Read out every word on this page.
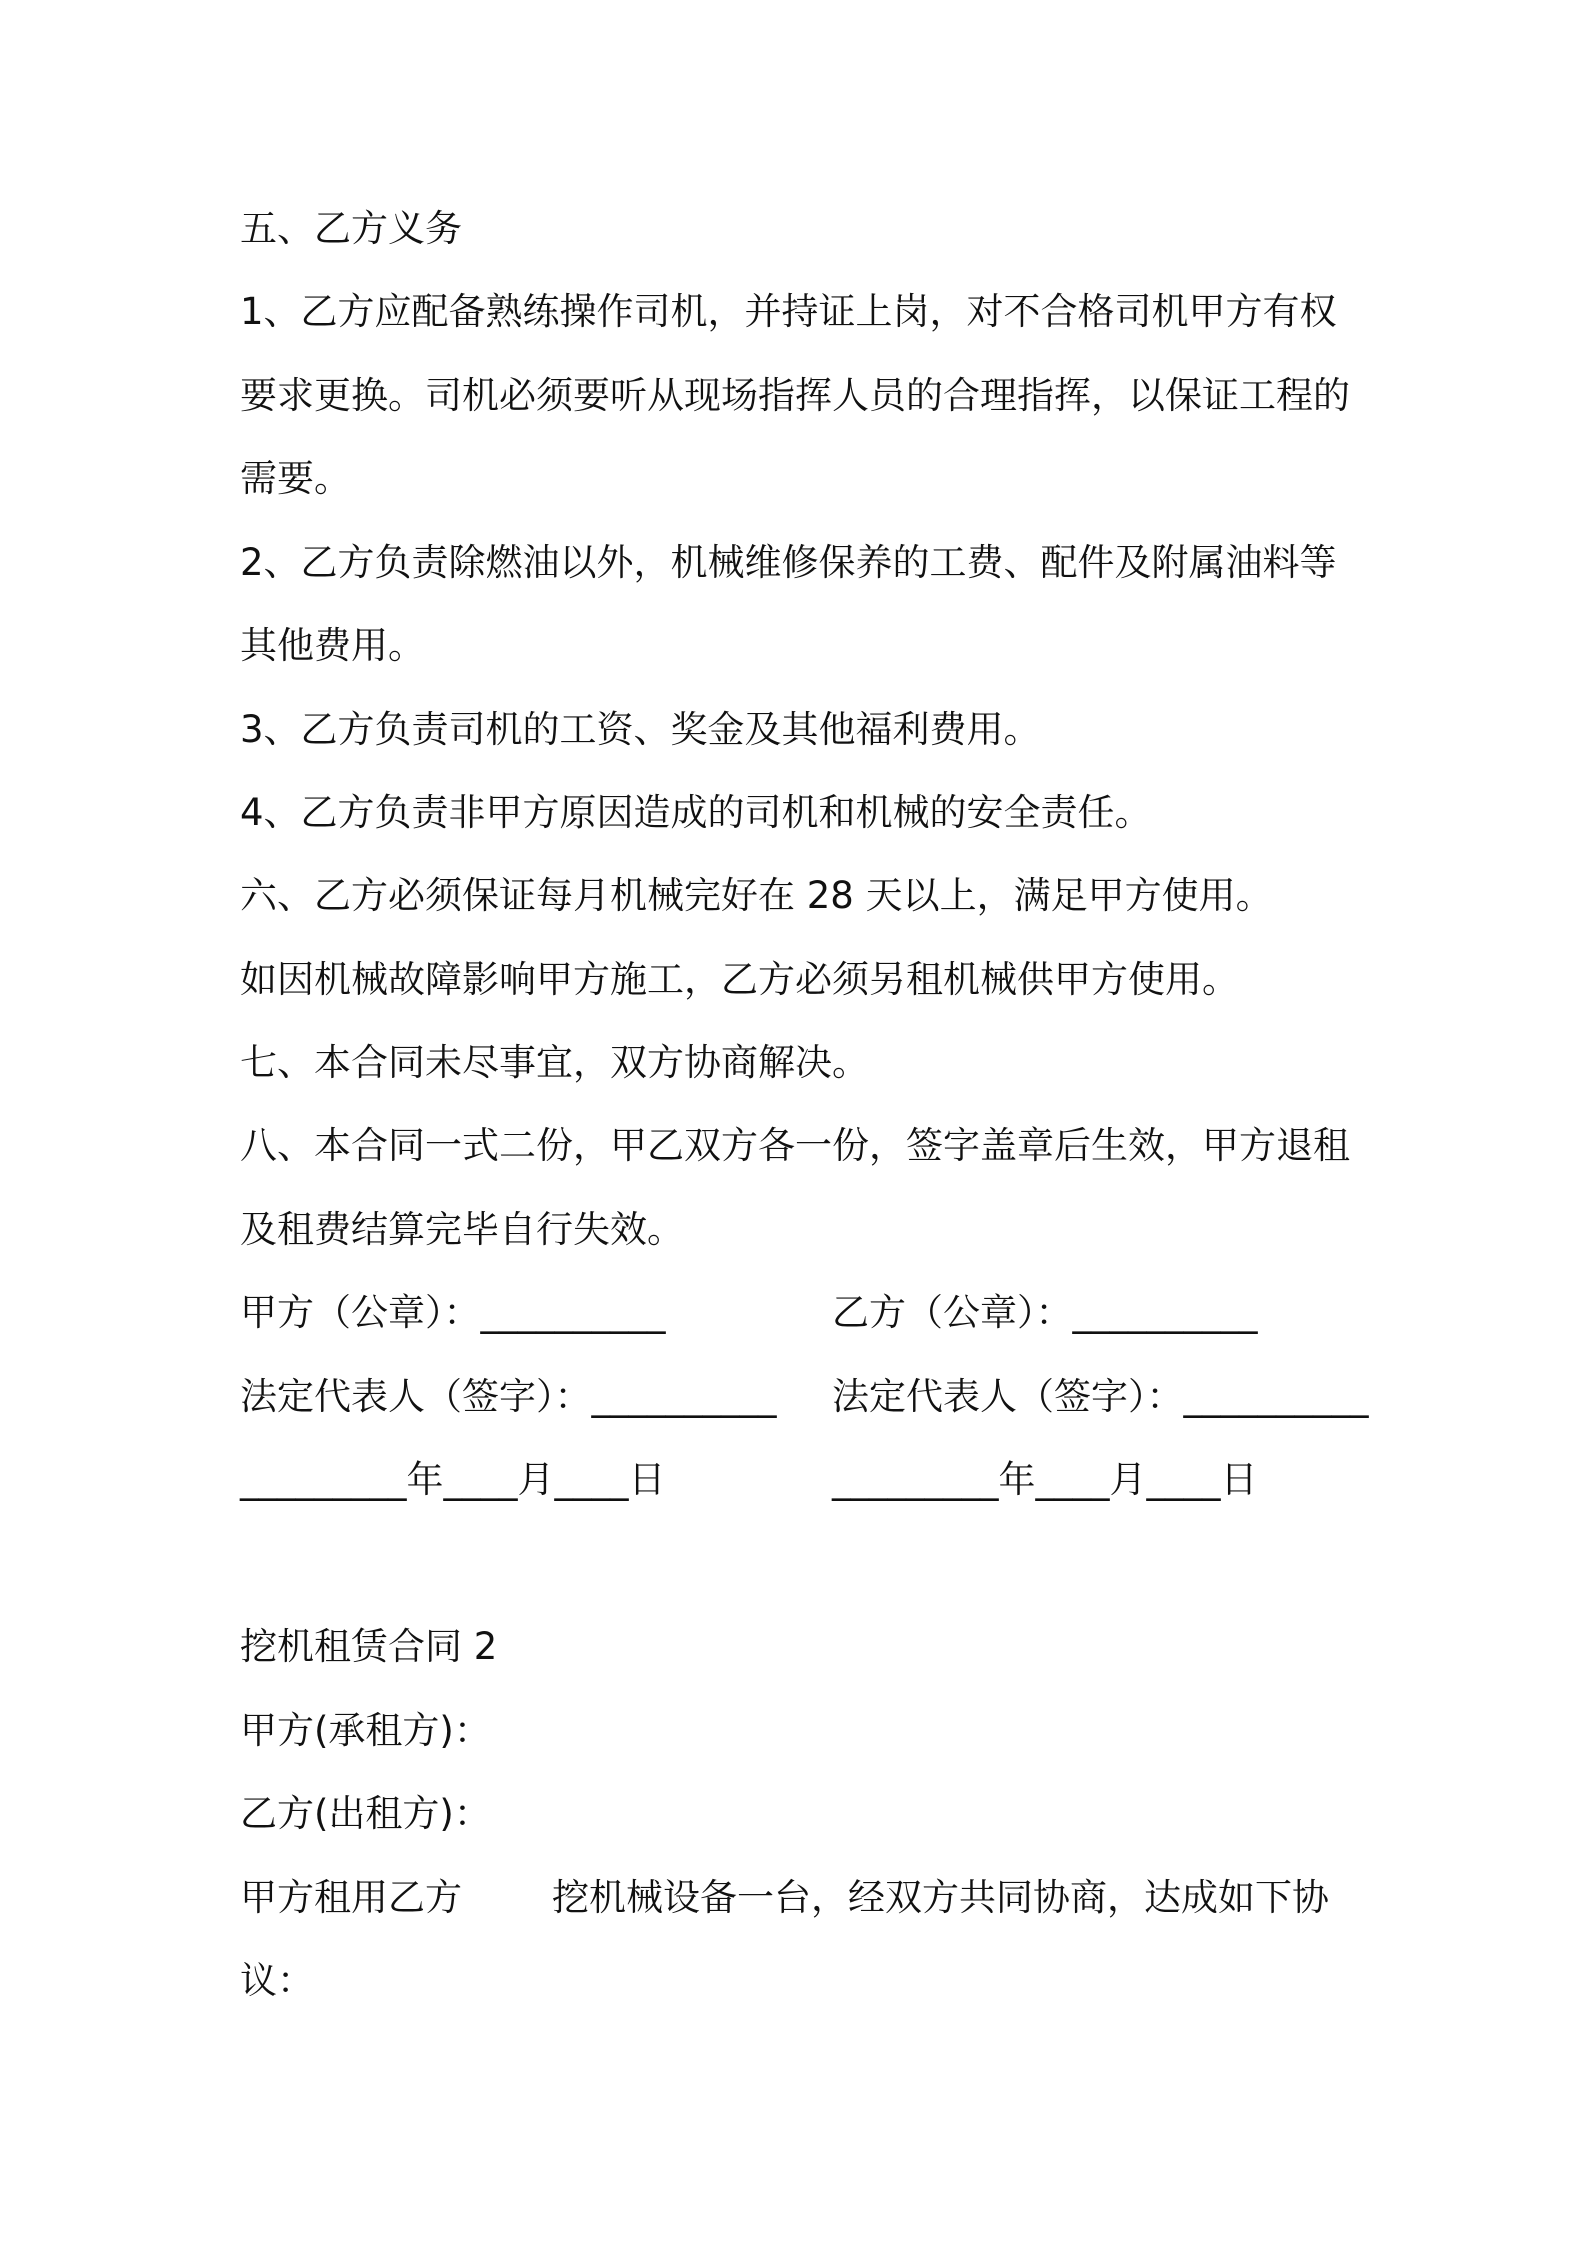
五、乙方义务
1、乙方应配备熟练操作司机，并持证上岗，对不合格司机甲方有权
要求更换。司机必须要听从现场指挥人员的合理指挥，以保证工程的
需要。
2、乙方负责除燃油以外，机械维修保养的工费、配件及附属油料等
其他费用。
3、乙方负责司机的工资、奖金及其他福利费用。
4、乙方负责非甲方原因造成的司机和机械的安全责任。
六、乙方必须保证每月机械完好在 28 天以上，满足甲方使用。
如因机械故障影响甲方施工，乙方必须另租机械供甲方使用。
七、本合同未尽事宜，双方协商解决。
八、本合同一式二份，甲乙双方各一份，签字盖章后生效，甲方退租
及租费结算完毕自行失效。
甲方（公章）：__________	乙方（公章）：__________
法定代表人（签字）：__________ 法定代表人（签字）：__________
_________年____月____日	_________年____月____日
挖机租赁合同 2
甲方(承租方)：
乙方(出租方)：
甲方租用乙方 挖机械设备一台，经双方共同协商，达成如下协
议：
